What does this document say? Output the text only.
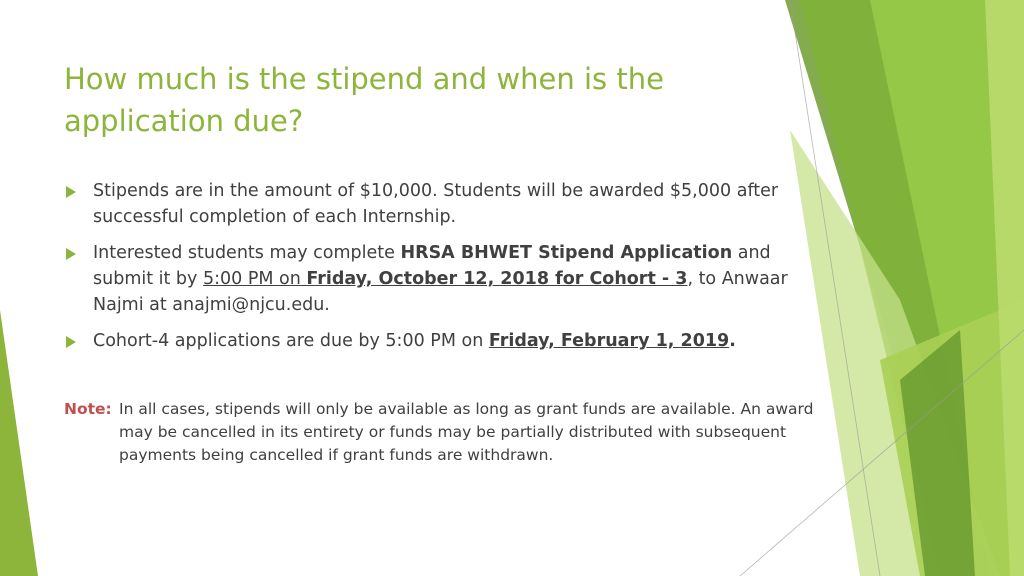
How much is the stipend and when is the application due?
Stipends are in the amount of $10,000. Students will be awarded $5,000 after successful completion of each Internship.
Interested students may complete HRSA BHWET Stipend Application and submit it by 5:00 PM on Friday, October 12, 2018 for Cohort - 3, to Anwaar Najmi at anajmi@njcu.edu.
Cohort-4 applications are due by 5:00 PM on Friday, February 1, 2019.
Note: In all cases, stipends will only be available as long as grant funds are available. An award may be cancelled in its entirety or funds may be partially distributed with subsequent payments being cancelled if grant funds are withdrawn.
